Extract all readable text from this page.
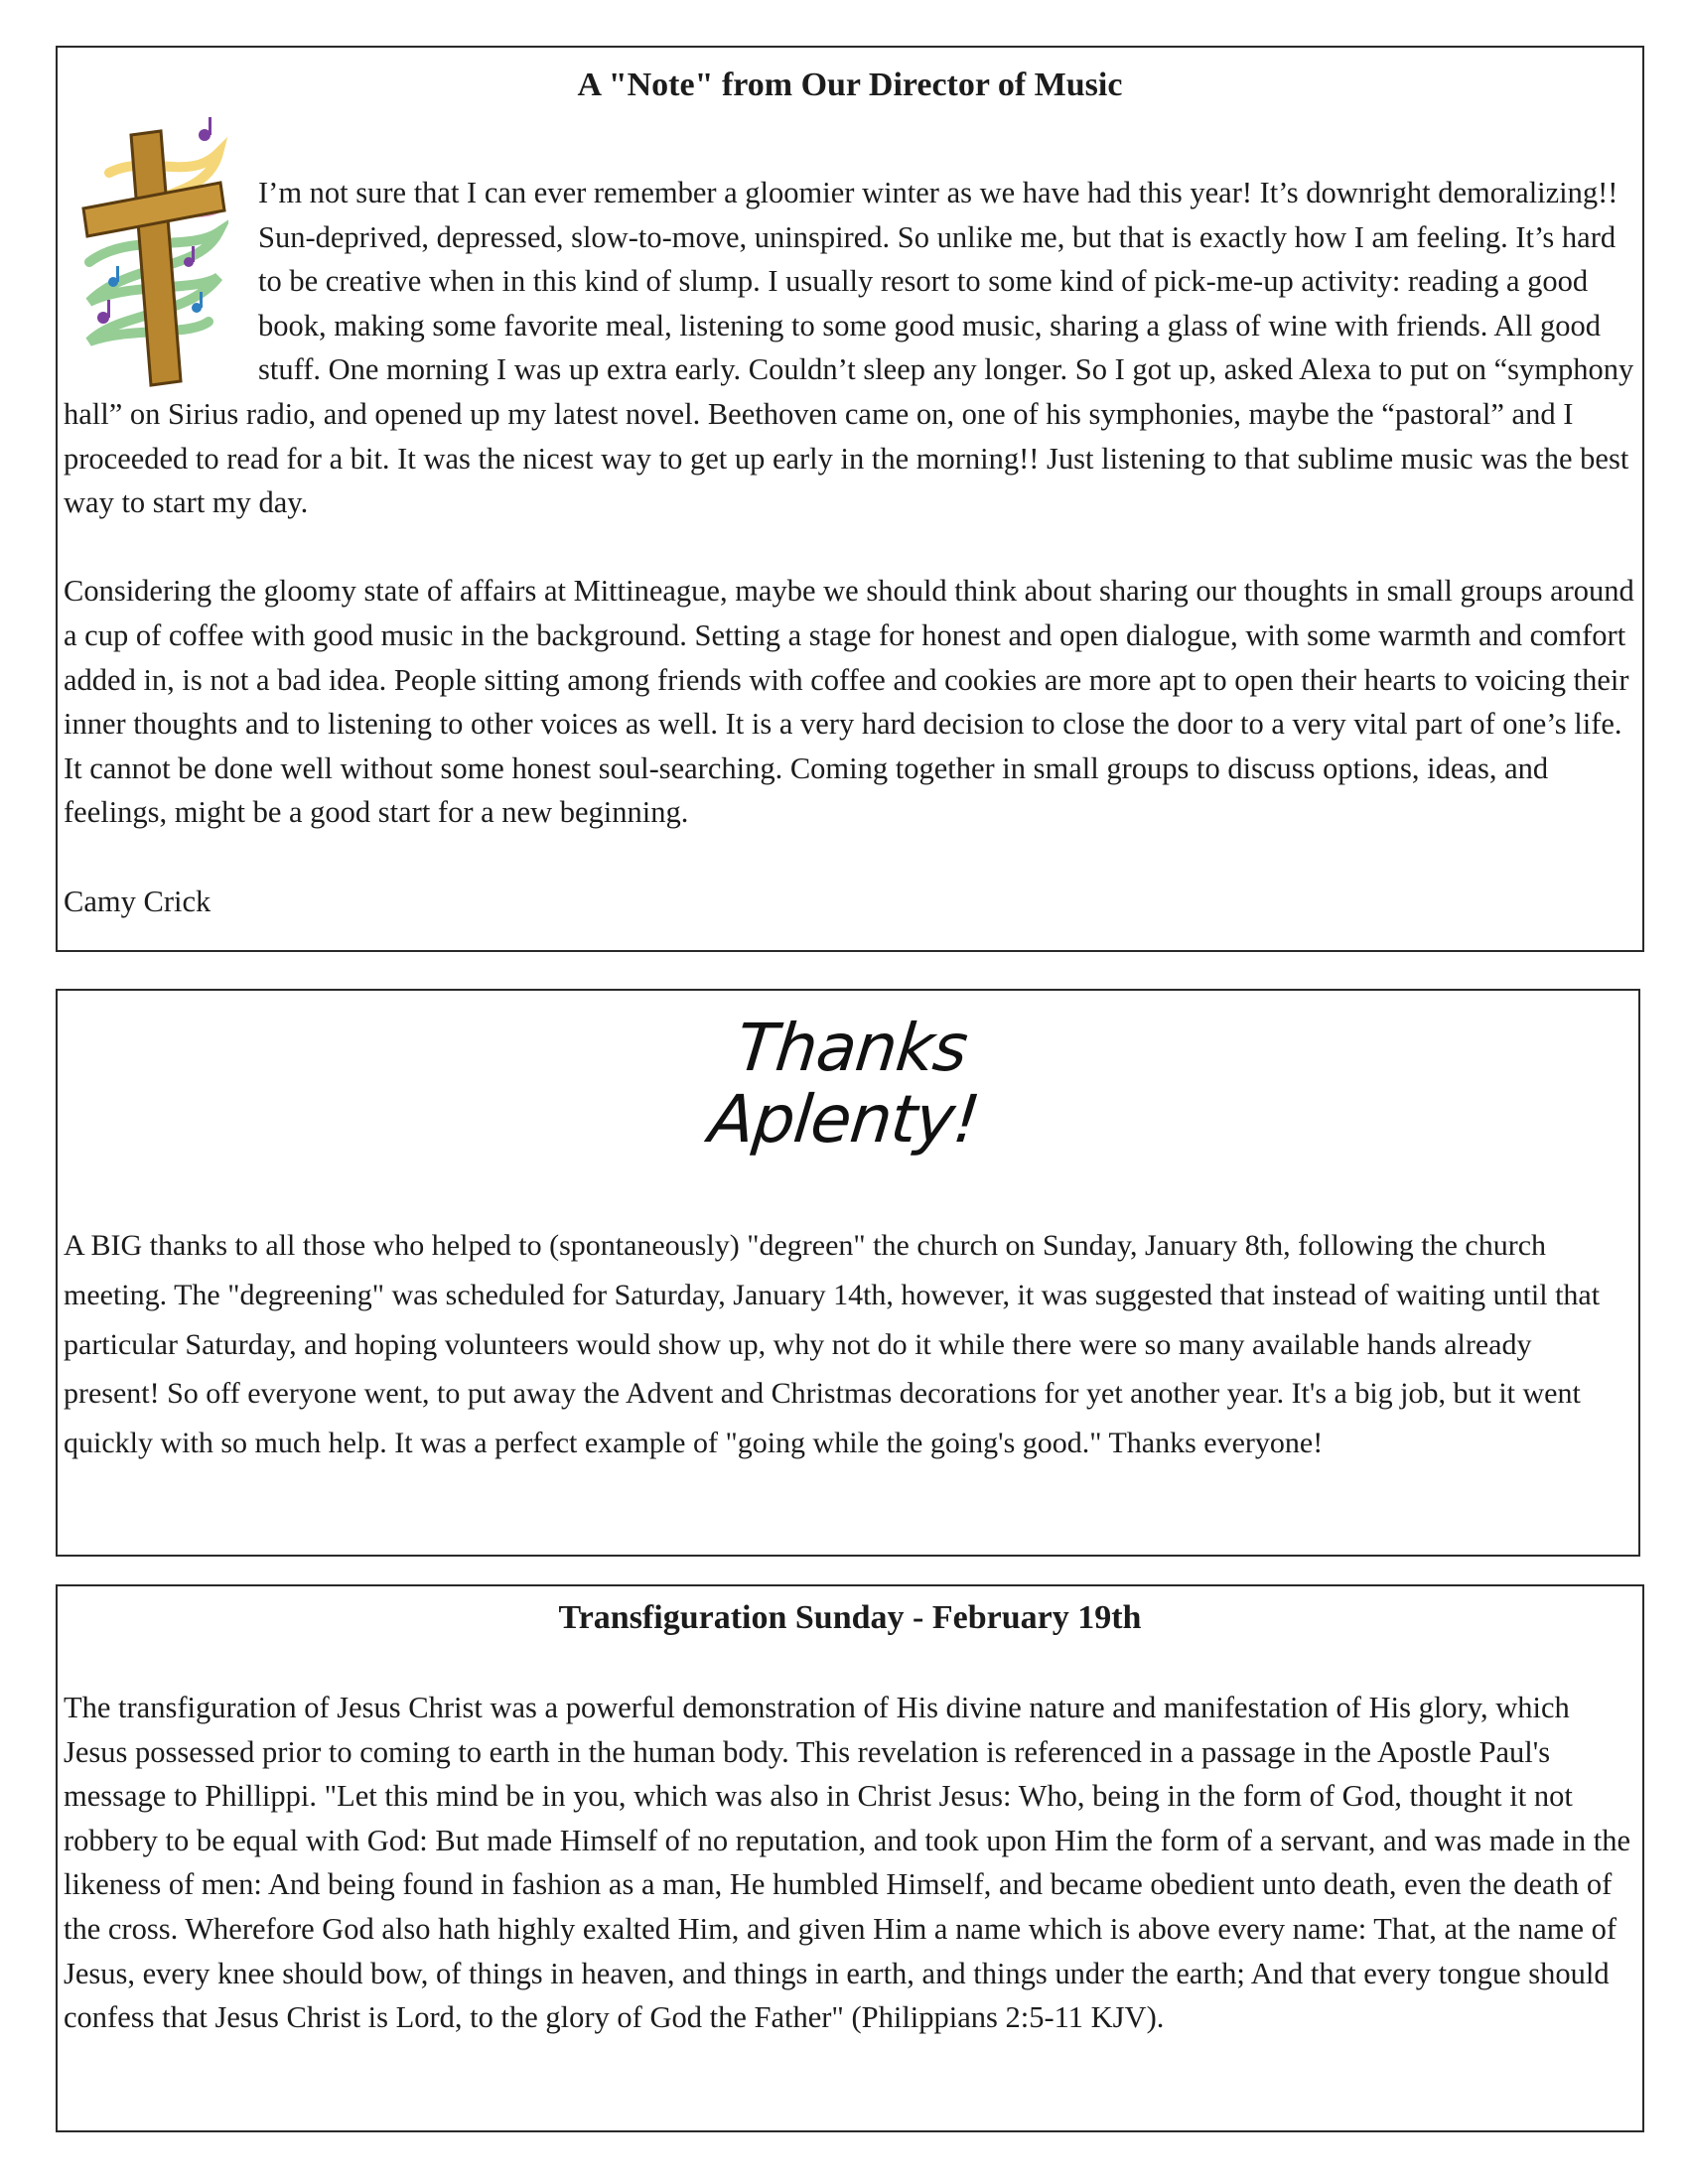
A "Note" from Our Director of Music

I’m not sure that I can ever remember a gloomier winter as we have had this year! It’s downright demoralizing!! Sun-deprived, depressed, slow-to-move, uninspired. So unlike me, but that is exactly how I am feeling. It’s hard to be creative when in this kind of slump. I usually resort to some kind of pick-me-up activity: reading a good book, making some favorite meal, listening to some good music, sharing a glass of wine with friends. All good stuff. One morning I was up extra early. Couldn’t sleep any longer. So I got up, asked Alexa to put on “symphony hall” on Sirius radio, and opened up my latest novel. Beethoven came on, one of his symphonies, maybe the “pastoral” and I proceeded to read for a bit. It was the nicest way to get up early in the morning!! Just listening to that sublime music was the best way to start my day.

Considering the gloomy state of affairs at Mittineague, maybe we should think about sharing our thoughts in small groups around a cup of coffee with good music in the background. Setting a stage for honest and open dialogue, with some warmth and comfort added in, is not a bad idea. People sitting among friends with coffee and cookies are more apt to open their hearts to voicing their inner thoughts and to listening to other voices as well. It is a very hard decision to close the door to a very vital part of one’s life. It cannot be done well without some honest soul-searching. Coming together in small groups to discuss options, ideas, and feelings, might be a good start for a new beginning.

Camy Crick

Thanks
Aplenty!

A BIG thanks to all those who helped to (spontaneously) "degreen" the church on Sunday, January 8th, following the church meeting. The "degreening" was scheduled for Saturday, January 14th, however, it was suggested that instead of waiting until that particular Saturday, and hoping volunteers would show up, why not do it while there were so many available hands already present! So off everyone went, to put away the Advent and Christmas decorations for yet another year. It's a big job, but it went quickly with so much help. It was a perfect example of "going while the going's good." Thanks everyone!

Transfiguration Sunday - February 19th

The transfiguration of Jesus Christ was a powerful demonstration of His divine nature and manifestation of His glory, which Jesus possessed prior to coming to earth in the human body. This revelation is referenced in a passage in the Apostle Paul's message to Phillippi. "Let this mind be in you, which was also in Christ Jesus: Who, being in the form of God, thought it not robbery to be equal with God: But made Himself of no reputation, and took upon Him the form of a servant, and was made in the likeness of men: And being found in fashion as a man, He humbled Himself, and became obedient unto death, even the death of the cross. Wherefore God also hath highly exalted Him, and given Him a name which is above every name: That, at the name of Jesus, every knee should bow, of things in heaven, and things in earth, and things under the earth; And that every tongue should confess that Jesus Christ is Lord, to the glory of God the Father" (Philippians 2:5-11 KJV).
